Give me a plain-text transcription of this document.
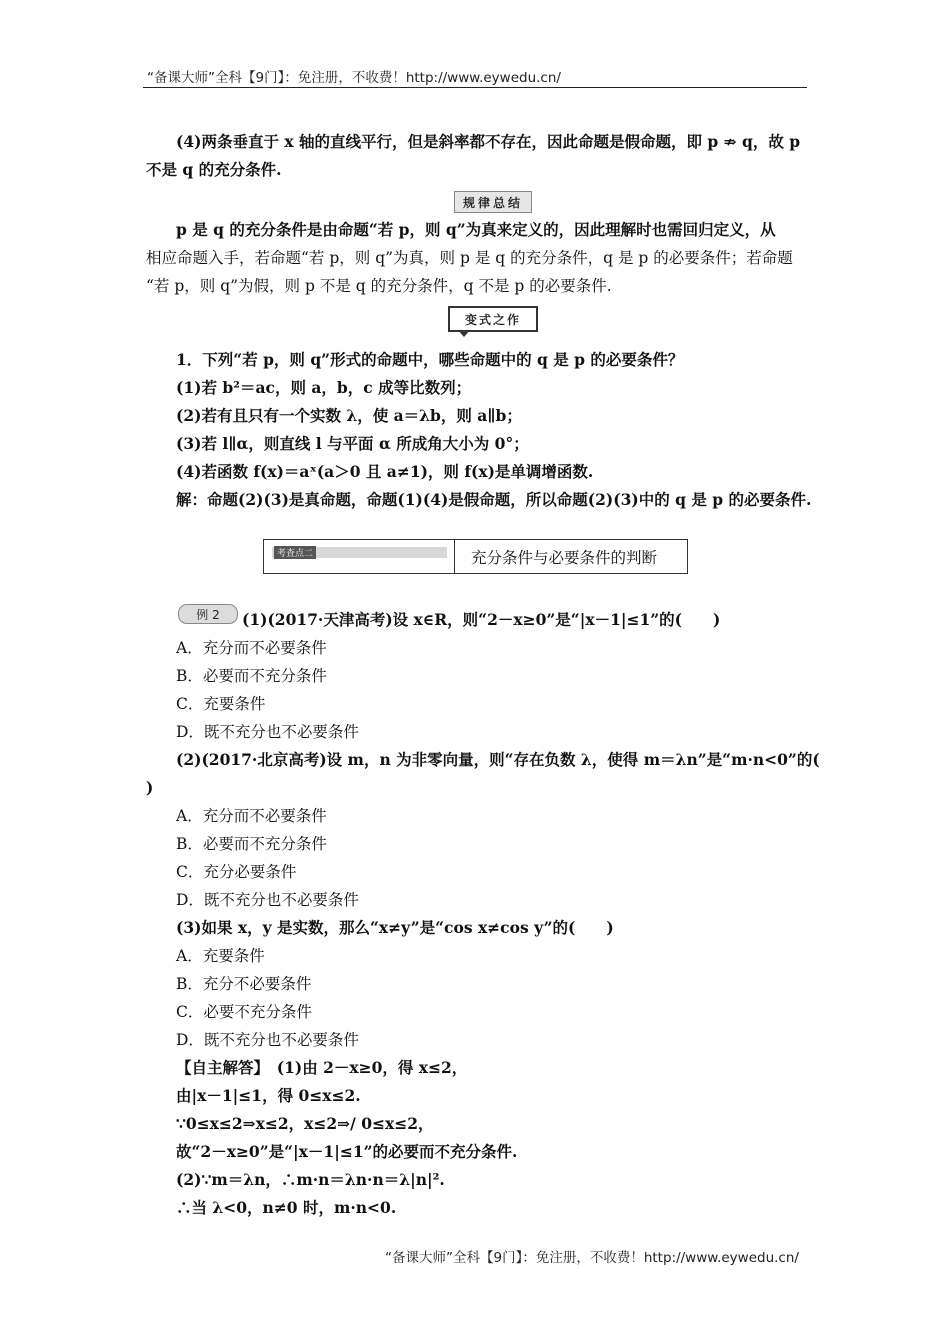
“备课大师”全科【9门】：免注册，不收费！http://www.eywedu.cn/
(4)两条垂直于 x 轴的直线平行，但是斜率都不存在，因此命题是假命题，即 p ⇏ q，故 p
不是 q 的充分条件.
规律总结
p 是 q 的充分条件是由命题“若 p，则 q”为真来定义的，因此理解时也需回归定义，从
相应命题入手，若命题“若 p，则 q”为真，则 p 是 q 的充分条件，q 是 p 的必要条件；若命题
“若 p，则 q”为假，则 p 不是 q 的充分条件，q 不是 p 的必要条件.
变式之作
1．下列“若 p，则 q”形式的命题中，哪些命题中的 q 是 p 的必要条件？
(1)若 b²＝ac，则 a，b，c 成等比数列；
(2)若有且只有一个实数 λ，使 a＝λb，则 a∥b；
(3)若 l∥α，则直线 l 与平面 α 所成角大小为 0°；
(4)若函数 f(x)＝aˣ(a＞0 且 a≠1)，则 f(x)是单调增函数.
解：命题(2)(3)是真命题，命题(1)(4)是假命题，所以命题(2)(3)中的 q 是 p 的必要条件.
考查点二	充分条件与必要条件的判断
例 2	(1)(2017·天津高考)设 x∈R，则“2－x≥0”是“|x－1|≤1”的(　　)
A．充分而不必要条件
B．必要而不充分条件
C．充要条件
D．既不充分也不必要条件
(2)(2017·北京高考)设 m，n 为非零向量，则“存在负数 λ，使得 m＝λn”是“m·n<0”的(
)
A．充分而不必要条件
B．必要而不充分条件
C．充分必要条件
D．既不充分也不必要条件
(3)如果 x，y 是实数，那么“x≠y”是“cos x≠cos y”的(　　)
A．充要条件
B．充分不必要条件
C．必要不充分条件
D．既不充分也不必要条件
【自主解答】　(1)由 2－x≥0，得 x≤2，
由|x－1|≤1，得 0≤x≤2.
∵0≤x≤2⇒x≤2，x≤2⇒/ 0≤x≤2，
故“2－x≥0”是“|x－1|≤1”的必要而不充分条件.
(2)∵m＝λn，∴m·n＝λn·n＝λ|n|².
∴当 λ<0，n≠0 时，m·n<0.
“备课大师”全科【9门】：免注册，不收费！http://www.eywedu.cn/
